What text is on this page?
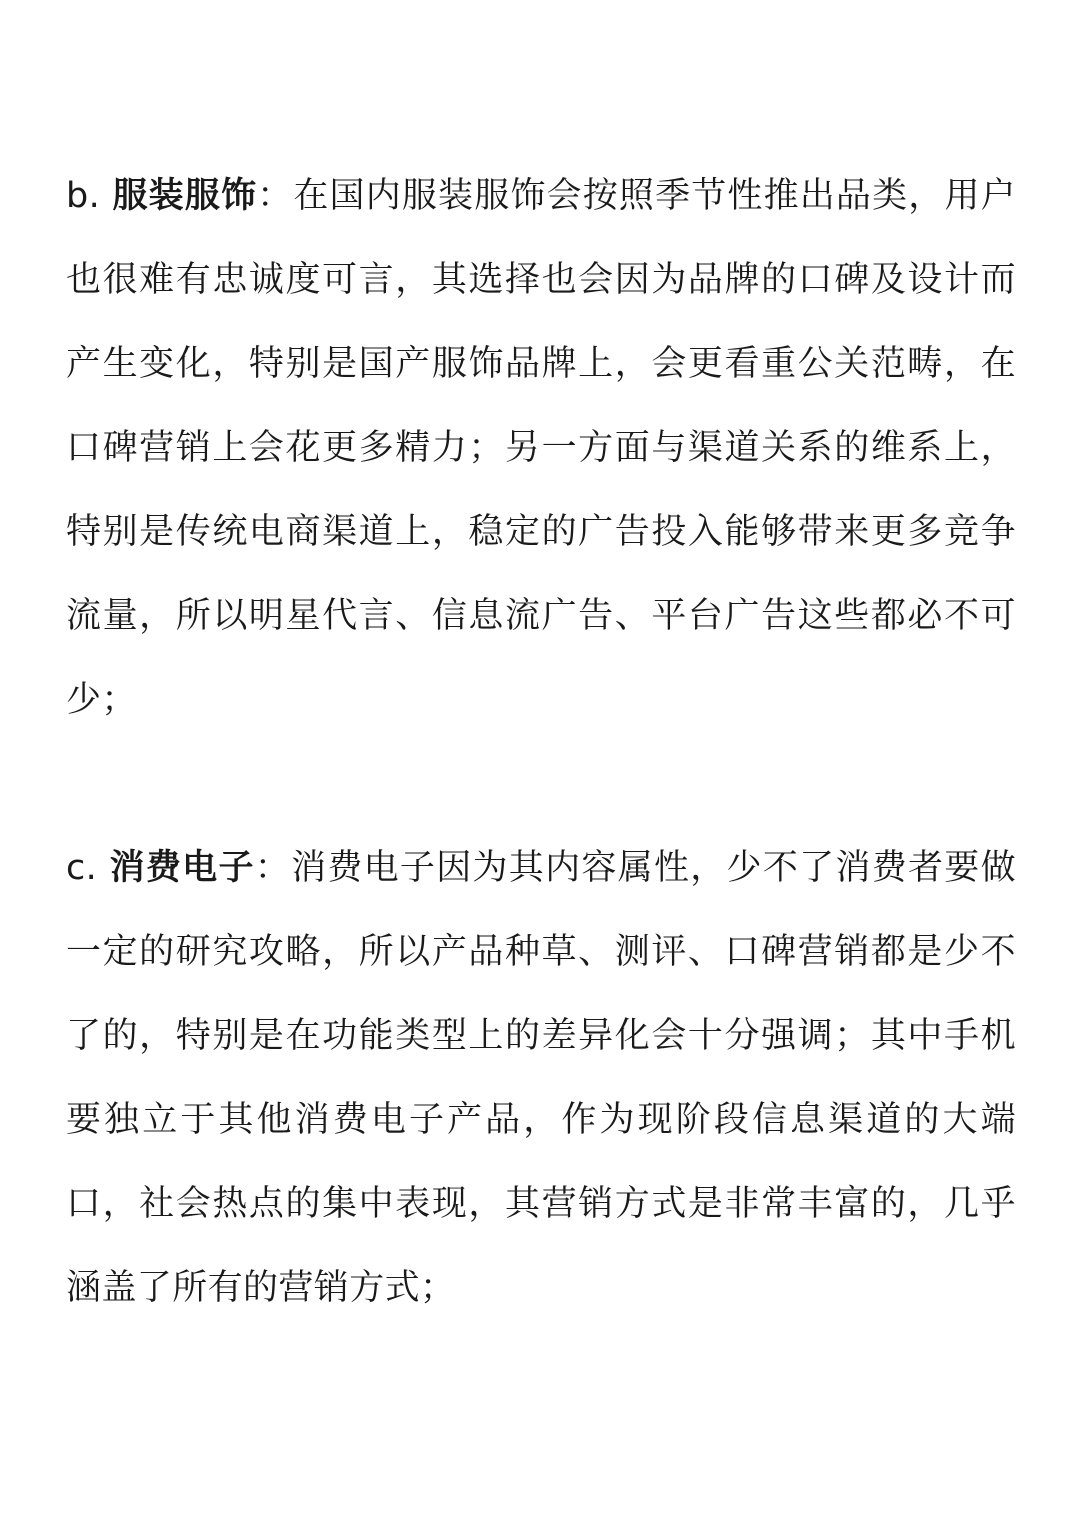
b. 服装服饰：在国内服装服饰会按照季节性推出品类，用户也很难有忠诚度可言，其选择也会因为品牌的口碑及设计而产生变化，特别是国产服饰品牌上，会更看重公关范畴，在口碑营销上会花更多精力；另一方面与渠道关系的维系上，特别是传统电商渠道上，稳定的广告投入能够带来更多竞争流量，所以明星代言、信息流广告、平台广告这些都必不可少；

c. 消费电子：消费电子因为其内容属性，少不了消费者要做一定的研究攻略，所以产品种草、测评、口碑营销都是少不了的，特别是在功能类型上的差异化会十分强调；其中手机要独立于其他消费电子产品，作为现阶段信息渠道的大端口，社会热点的集中表现，其营销方式是非常丰富的，几乎涵盖了所有的营销方式；
